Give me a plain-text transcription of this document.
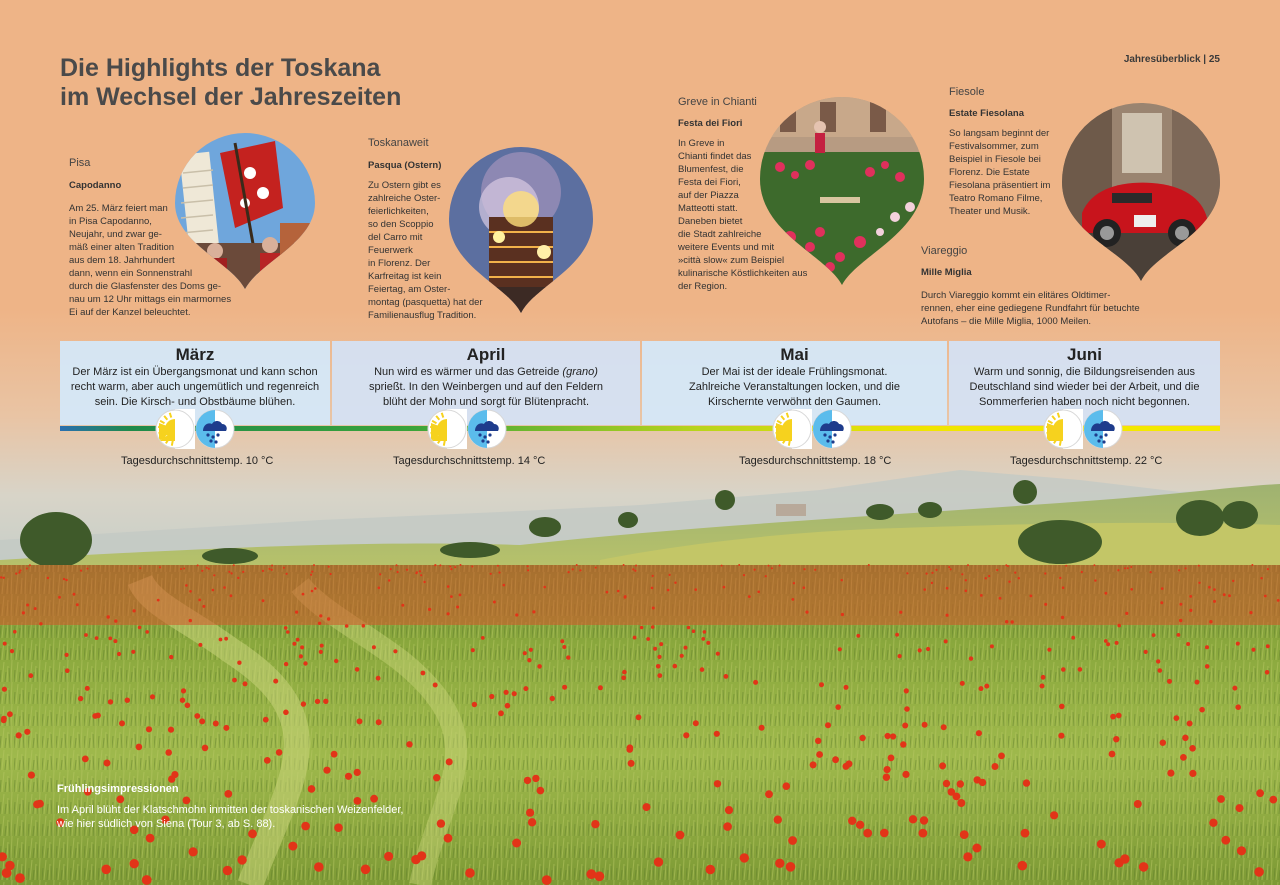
Die Highlights der Toskana
im Wechsel der Jahreszeiten
Jahresüberblick | 25
Pisa
Capodanno
Am 25. März feiert man
in Pisa Capodanno,
Neujahr, und zwar ge-
mäß einer alten Tradition
aus dem 18. Jahrhundert
dann, wenn ein Sonnenstrahl
durch die Glasfenster des Doms ge-
nau um 12 Uhr mittags ein marmornes
Ei auf der Kanzel beleuchtet.
Toskanaweit
Pasqua (Ostern)
Zu Ostern gibt es
zahlreiche Oster-
feierlichkeiten,
so den Scoppio
del Carro mit
Feuerwerk
in Florenz. Der
Karfreitag ist kein
Feiertag, am Oster-
montag (pasquetta) hat der
Familienausflug Tradition.
Greve in Chianti
Festa dei Fiori
In Greve in
Chianti findet das
Blumenfest, die
Festa dei Fiori,
auf der Piazza
Matteotti statt.
Daneben bietet
die Stadt zahlreiche
weitere Events und mit
»città slow« zum Beispiel
kulinarische Köstlichkeiten aus
der Region.
Fiesole
Estate Fiesolana
So langsam beginnt der
Festivalsommer, zum
Beispiel in Fiesole bei
Florenz. Die Estate
Fiesolana präsentiert im
Teatro Romano Filme,
Theater und Musik.
Viareggio
Mille Miglia
Durch Viareggio kommt ein elitäres Oldtimer-
rennen, eher eine gediegene Rundfahrt für betuchte
Autofans – die Mille Miglia, 1000 Meilen.
März
Der März ist ein Übergangsmonat und kann schon
recht warm, aber auch ungemütlich und regenreich
sein. Die Kirsch- und Obstbäume blühen.
April
Nun wird es wärmer und das Getreide (grano)
sprießt. In den Weinbergen und auf den Feldern
blüht der Mohn und sorgt für Blütenpracht.
Mai
Der Mai ist der ideale Frühlingsmonat.
Zahlreiche Veranstaltungen locken, und die
Kirschernte verwöhnt den Gaumen.
Juni
Warm und sonnig, die Bildungsreisenden aus
Deutschland sind wieder bei der Arbeit, und die
Sommerferien haben noch nicht begonnen.
Tagesdurchschnittstemp. 10 °C	Tagesdurchschnittstemp. 14 °C	Tagesdurchschnittstemp. 18 °C	Tagesdurchschnittstemp. 22 °C
Frühlingsimpressionen
Im April blüht der Klatschmohn inmitten der toskanischen Weizenfelder,
wie hier südlich von Siena (Tour 3, ab S. 88).
